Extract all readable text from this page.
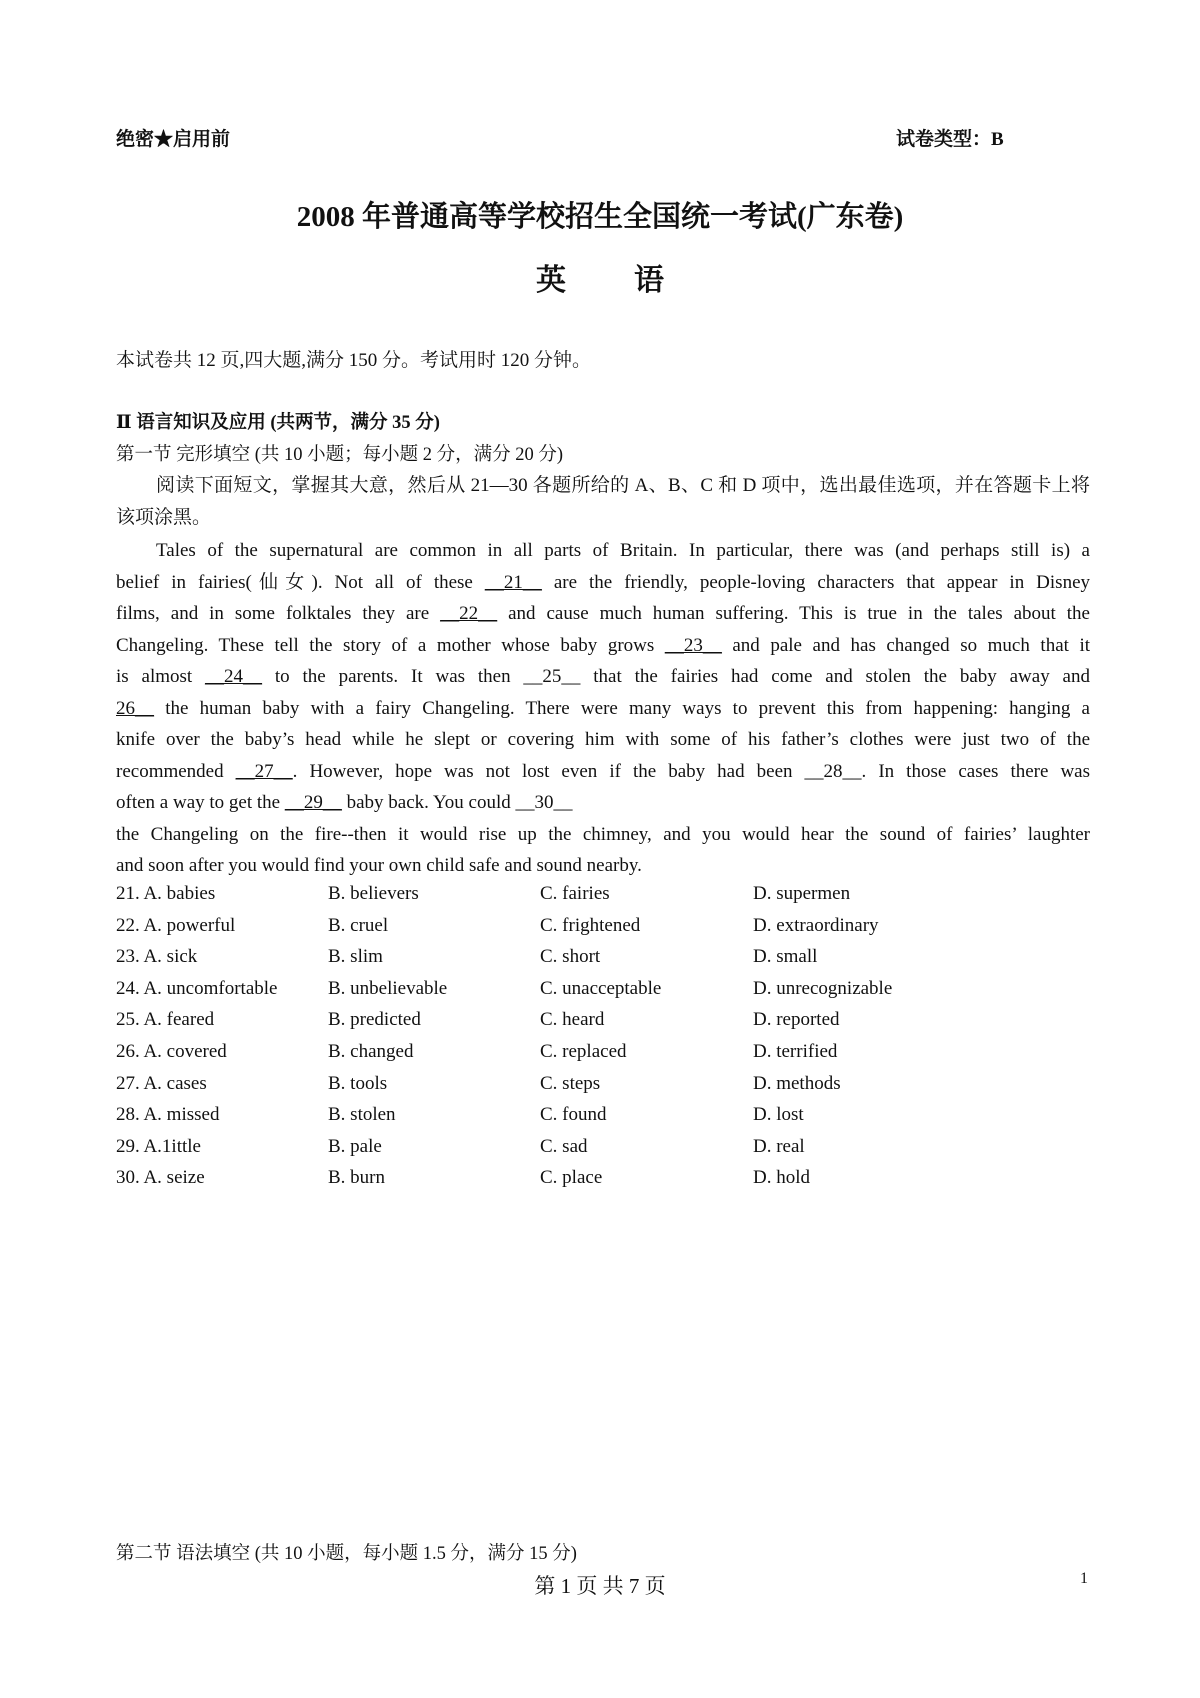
绝密★启用前	试卷类型：B
2008 年普通高等学校招生全国统一考试(广东卷)
英 语
本试卷共 12 页,四大题,满分 150 分。考试用时 120 分钟。
Ⅱ 语言知识及应用 (共两节，满分 35 分)
第一节 完形填空 (共 10 小题；每小题 2 分，满分 20 分)
阅读下面短文，掌握其大意，然后从 21—30 各题所给的 A、B、C 和 D 项中，选出最佳选项，并在答题卡上将该项涂黑。
Tales of the supernatural are common in all parts of Britain. In particular, there was (and perhaps still is) a
belief in fairies(仙女). Not all of these __21__ are the friendly, people-loving characters that appear in Disney
films, and in some folktales they are __22__ and cause much human suffering. This is true in the tales about the
Changeling. These tell the story of a mother whose baby grows __23__ and pale and has changed so much that it
is almost __24__ to the parents. It was then __25__ that the fairies had come and stolen the baby away and
26__ the human baby with a fairy Changeling. There were many ways to prevent this from happening: hanging a
knife over the baby’s head while he slept or covering him with some of his father’s clothes were just two of the
recommended __27__. However, hope was not lost even if the baby had been __28__. In those cases there was
often a way to get the __29__ baby back. You could __30__
the Changeling on the fire--then it would rise up the chimney, and you would hear the sound of fairies’ laughter
and soon after you would find your own child safe and sound nearby.
21. A. babies	B. believers	C. fairies	D. supermen
22. A. powerful	B. cruel	C. frightened	D. extraordinary
23. A. sick	B. slim	C. short	D. small
24. A. uncomfortable	B. unbelievable	C. unacceptable	D. unrecognizable
25. A. feared	B. predicted	C. heard	D. reported
26. A. covered	B. changed	C. replaced	D. terrified
27. A. cases	B. tools	C. steps	D. methods
28. A. missed	B. stolen	C. found	D. lost
29. A.1ittle	B. pale	C. sad	D. real
30. A. seize	B. burn	C. place	D. hold
第二节 语法填空 (共 10 小题，每小题 1.5 分，满分 15 分)
第 1 页 共 7 页	1
